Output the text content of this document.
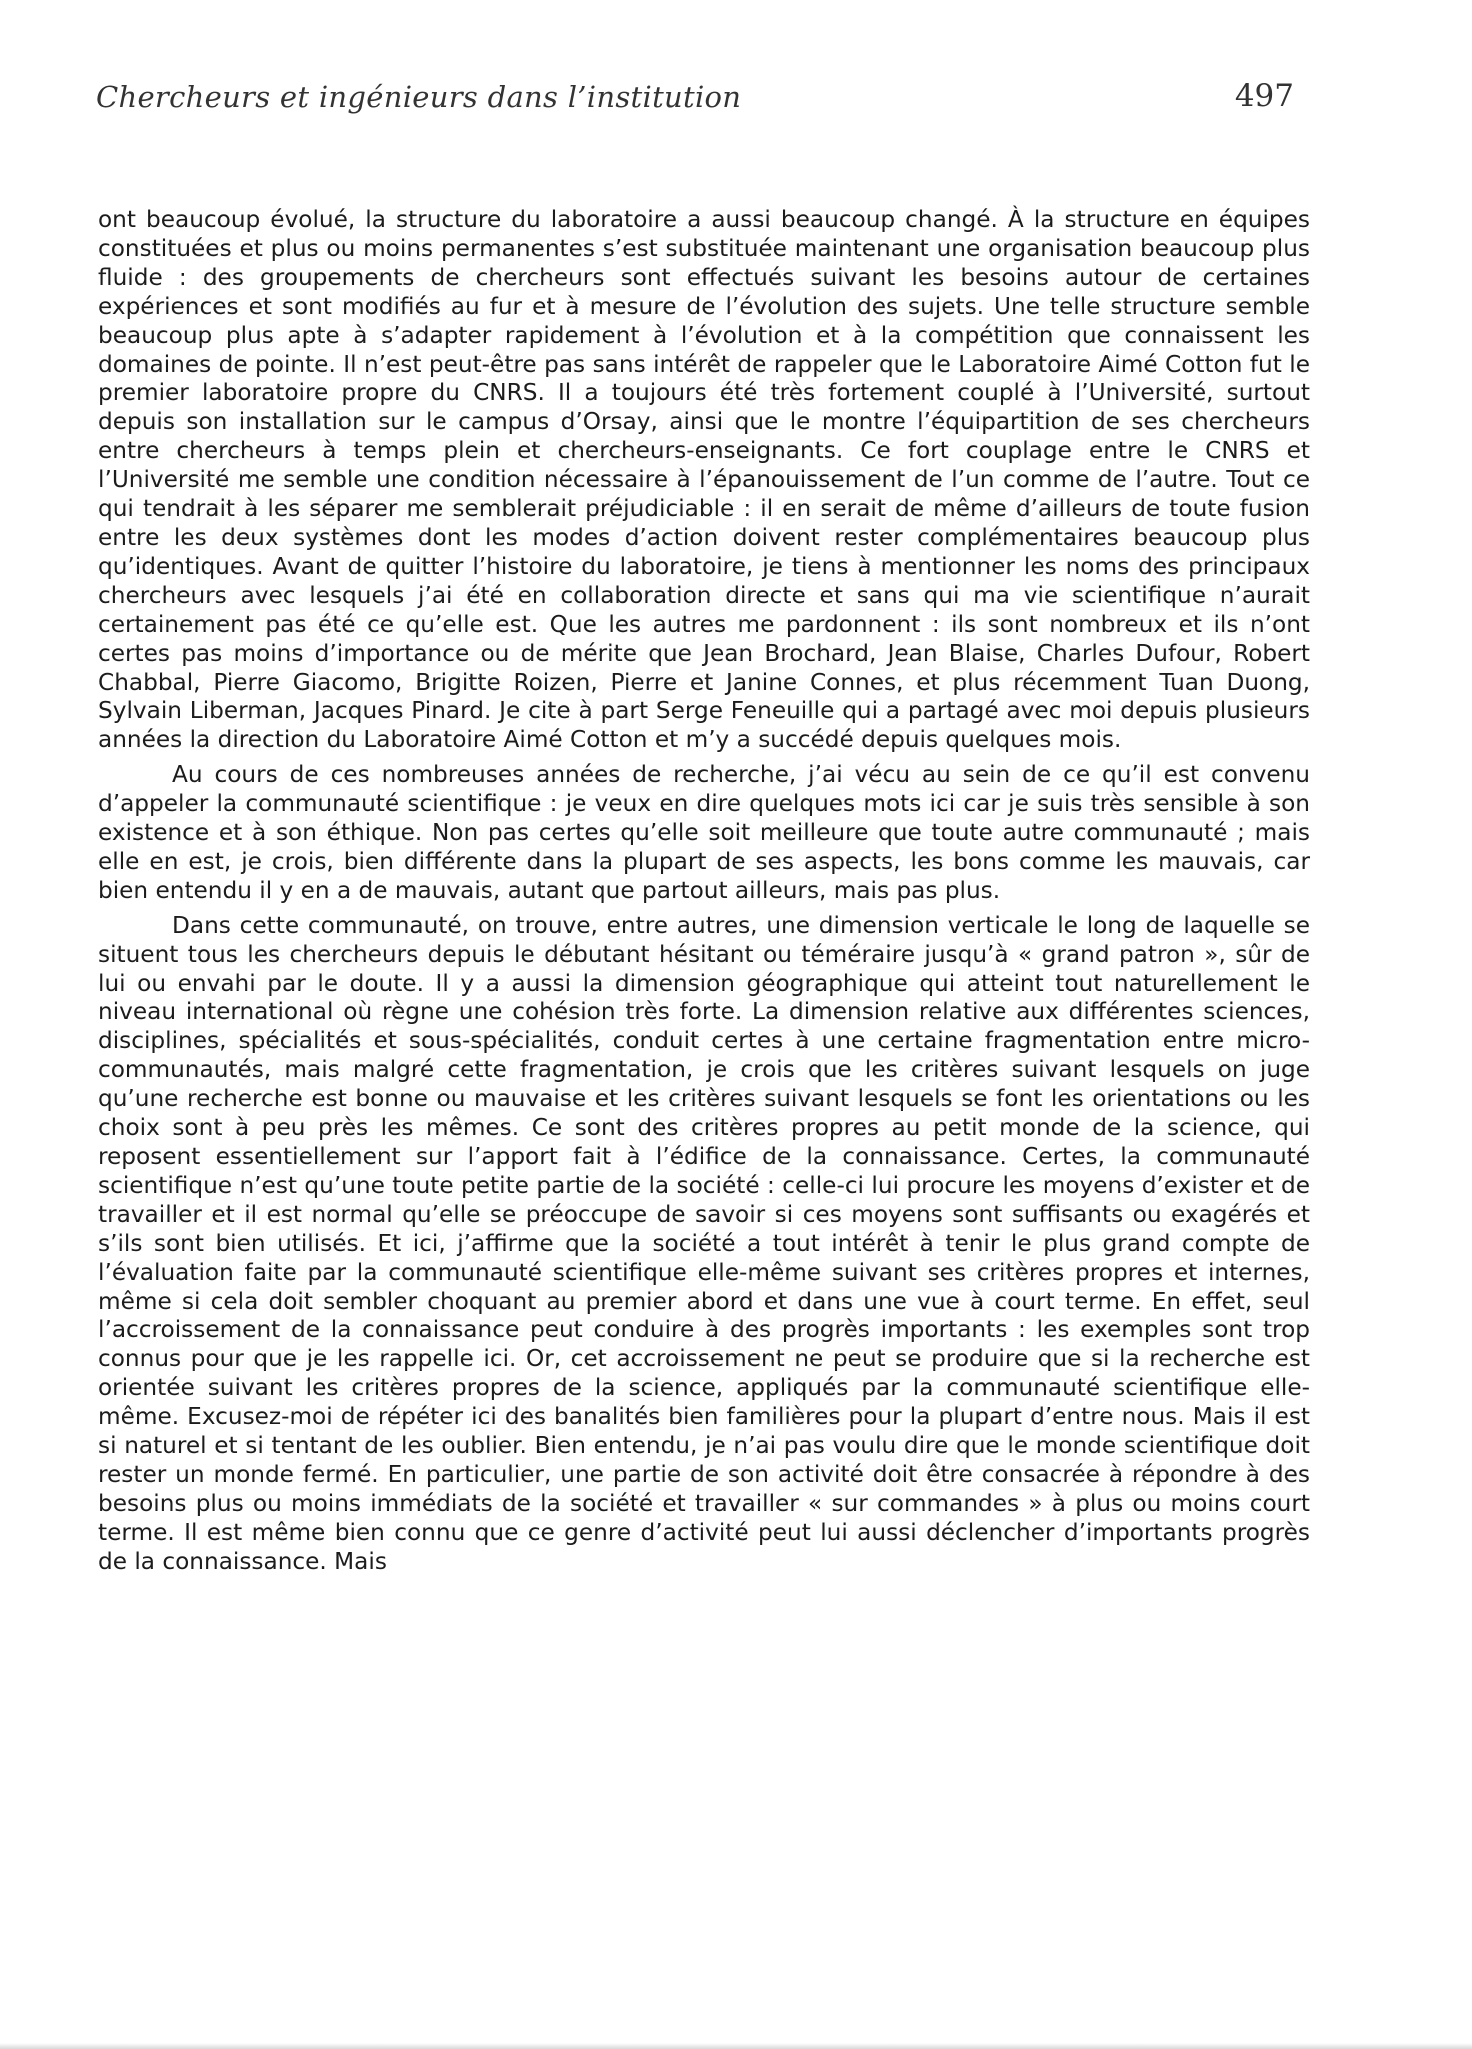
Chercheurs et ingénieurs dans l’institution	497

ont beaucoup évolué, la structure du laboratoire a aussi beaucoup changé. À la structure en équipes constituées et plus ou moins permanentes s’est substituée maintenant une organisation beaucoup plus fluide : des groupements de chercheurs sont effectués suivant les besoins autour de certaines expériences et sont modifiés au fur et à mesure de l’évolution des sujets. Une telle structure semble beaucoup plus apte à s’adapter rapidement à l’évolution et à la compétition que connaissent les domaines de pointe. Il n’est peut-être pas sans intérêt de rappeler que le Laboratoire Aimé Cotton fut le premier laboratoire propre du CNRS. Il a toujours été très fortement couplé à l’Université, surtout depuis son installation sur le campus d’Orsay, ainsi que le montre l’équipartition de ses chercheurs entre chercheurs à temps plein et chercheurs-enseignants. Ce fort couplage entre le CNRS et l’Université me semble une condition nécessaire à l’épanouissement de l’un comme de l’autre. Tout ce qui tendrait à les séparer me semblerait préjudiciable : il en serait de même d’ailleurs de toute fusion entre les deux systèmes dont les modes d’action doivent rester complémentaires beaucoup plus qu’identiques. Avant de quitter l’histoire du laboratoire, je tiens à mentionner les noms des principaux chercheurs avec lesquels j’ai été en collaboration directe et sans qui ma vie scientifique n’aurait certainement pas été ce qu’elle est. Que les autres me pardonnent : ils sont nombreux et ils n’ont certes pas moins d’importance ou de mérite que Jean Brochard, Jean Blaise, Charles Dufour, Robert Chabbal, Pierre Giacomo, Brigitte Roizen, Pierre et Janine Connes, et plus récemment Tuan Duong, Sylvain Liberman, Jacques Pinard. Je cite à part Serge Feneuille qui a partagé avec moi depuis plusieurs années la direction du Laboratoire Aimé Cotton et m’y a succédé depuis quelques mois.

Au cours de ces nombreuses années de recherche, j’ai vécu au sein de ce qu’il est convenu d’appeler la communauté scientifique : je veux en dire quelques mots ici car je suis très sensible à son existence et à son éthique. Non pas certes qu’elle soit meilleure que toute autre communauté ; mais elle en est, je crois, bien différente dans la plupart de ses aspects, les bons comme les mauvais, car bien entendu il y en a de mauvais, autant que partout ailleurs, mais pas plus.

Dans cette communauté, on trouve, entre autres, une dimension verticale le long de laquelle se situent tous les chercheurs depuis le débutant hésitant ou téméraire jusqu’à « grand patron », sûr de lui ou envahi par le doute. Il y a aussi la dimension géographique qui atteint tout naturellement le niveau international où règne une cohésion très forte. La dimension relative aux différentes sciences, disciplines, spécialités et sous-spécialités, conduit certes à une certaine fragmentation entre micro-communautés, mais malgré cette fragmentation, je crois que les critères suivant lesquels on juge qu’une recherche est bonne ou mauvaise et les critères suivant lesquels se font les orientations ou les choix sont à peu près les mêmes. Ce sont des critères propres au petit monde de la science, qui reposent essentiellement sur l’apport fait à l’édifice de la connaissance. Certes, la communauté scientifique n’est qu’une toute petite partie de la société : celle-ci lui procure les moyens d’exister et de travailler et il est normal qu’elle se préoccupe de savoir si ces moyens sont suffisants ou exagérés et s’ils sont bien utilisés. Et ici, j’affirme que la société a tout intérêt à tenir le plus grand compte de l’évaluation faite par la communauté scientifique elle-même suivant ses critères propres et internes, même si cela doit sembler choquant au premier abord et dans une vue à court terme. En effet, seul l’accroissement de la connaissance peut conduire à des progrès importants : les exemples sont trop connus pour que je les rappelle ici. Or, cet accroissement ne peut se produire que si la recherche est orientée suivant les critères propres de la science, appliqués par la communauté scientifique elle-même. Excusez-moi de répéter ici des banalités bien familières pour la plupart d’entre nous. Mais il est si naturel et si tentant de les oublier. Bien entendu, je n’ai pas voulu dire que le monde scientifique doit rester un monde fermé. En particulier, une partie de son activité doit être consacrée à répondre à des besoins plus ou moins immédiats de la société et travailler « sur commandes » à plus ou moins court terme. Il est même bien connu que ce genre d’activité peut lui aussi déclencher d’importants progrès de la connaissance. Mais
